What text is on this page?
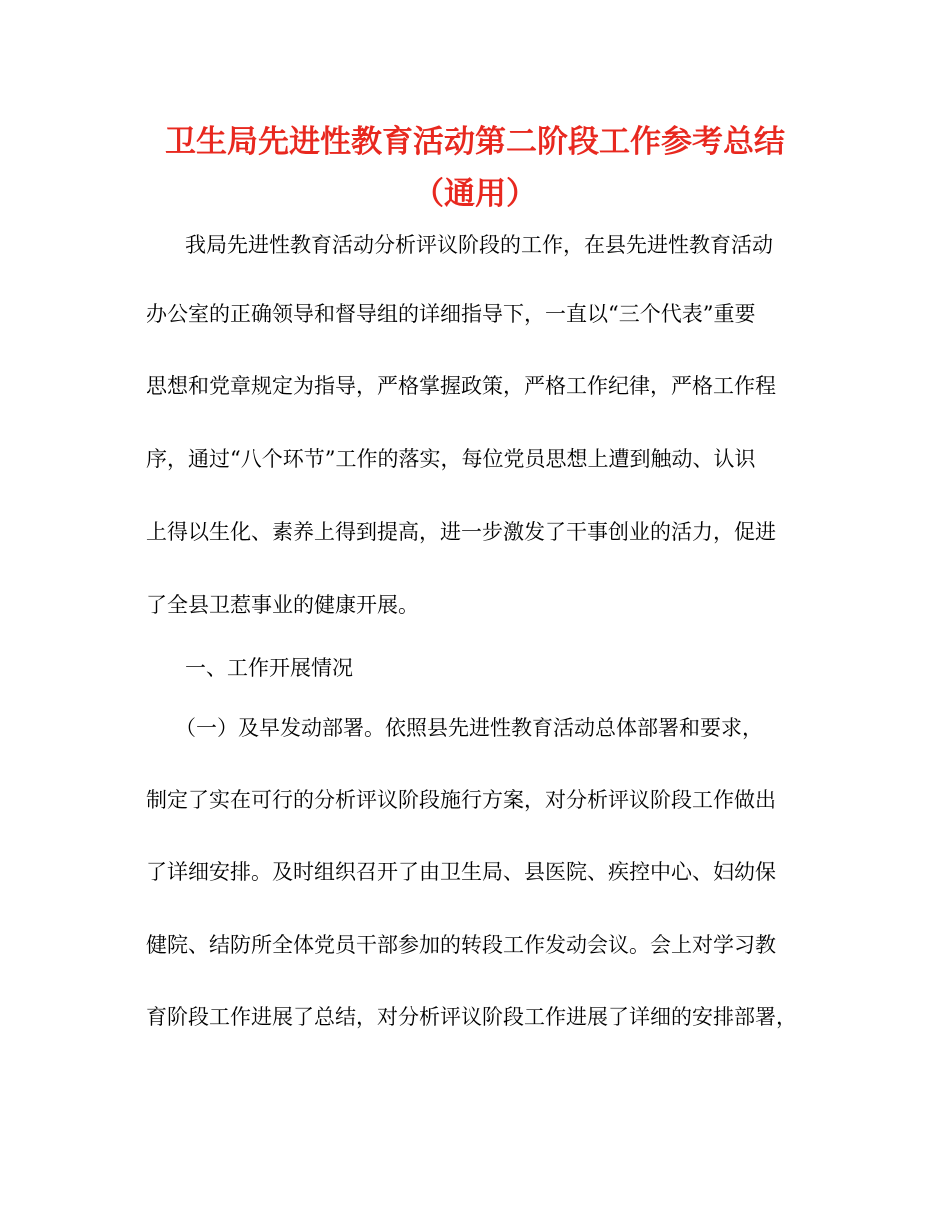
卫生局先进性教育活动第二阶段工作参考总结
（通用）
我局先进性教育活动分析评议阶段的工作，在县先进性教育活动
办公室的正确领导和督导组的详细指导下，一直以“三个代表”重要
思想和党章规定为指导，严格掌握政策，严格工作纪律，严格工作程
序，通过“八个环节”工作的落实，每位党员思想上遭到触动、认识
上得以生化、素养上得到提高，进一步激发了干事创业的活力，促进
了全县卫惹事业的健康开展。
一、工作开展情况
（一）及早发动部署。依照县先进性教育活动总体部署和要求，
制定了实在可行的分析评议阶段施行方案，对分析评议阶段工作做出
了详细安排。及时组织召开了由卫生局、县医院、疾控中心、妇幼保
健院、结防所全体党员干部参加的转段工作发动会议。会上对学习教
育阶段工作进展了总结，对分析评议阶段工作进展了详细的安排部署，
